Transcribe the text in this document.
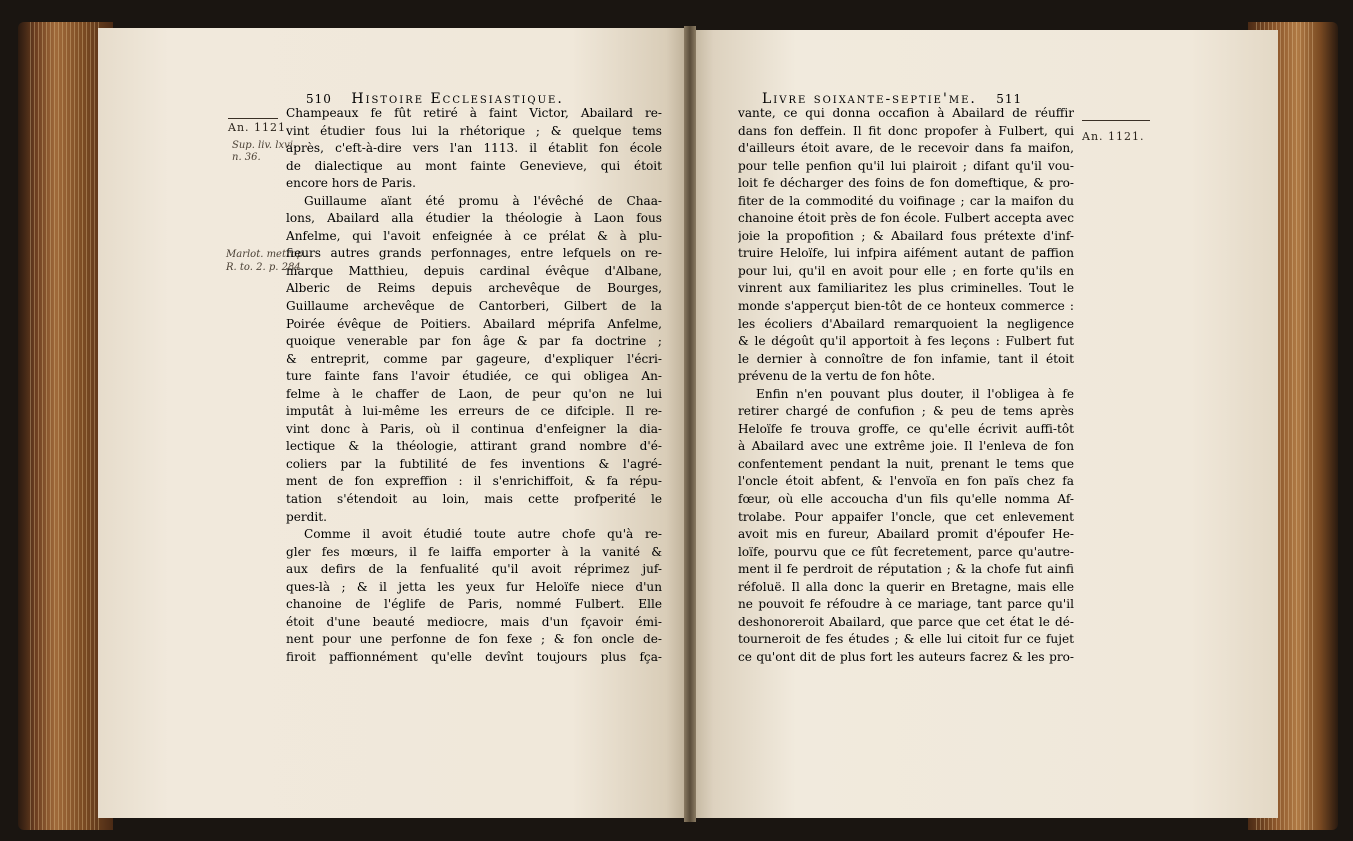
510 Histoire Ecclesiastique.
An. 1121.
Sup. liv. lxvi.
n. 36.
Marlot. metrop.
R. to. 2. p. 284.
Champeaux fe fût retiré à faint Victor, Abailard re-
vint étudier fous lui la rhétorique ; & quelque tems
après, c'eft-à-dire vers l'an 1113. il établit fon école
de dialectique au mont fainte Genevieve, qui étoit
encore hors de Paris.
Guillaume aïant été promu à l'évêché de Chaa-
lons, Abailard alla étudier la théologie à Laon fous
Anfelme, qui l'avoit enfeignée à ce prélat & à plu-
fieurs autres grands perfonnages, entre lefquels on re-
marque Matthieu, depuis cardinal évêque d'Albane,
Alberic de Reims depuis archevêque de Bourges,
Guillaume archevêque de Cantorberi, Gilbert de la
Poirée évêque de Poitiers. Abailard méprifa Anfelme,
quoique venerable par fon âge & par fa doctrine ;
& entreprit, comme par gageure, d'expliquer l'écri-
ture fainte fans l'avoir étudiée, ce qui obligea An-
felme à le chaffer de Laon, de peur qu'on ne lui
imputât à lui-même les erreurs de ce difciple. Il re-
vint donc à Paris, où il continua d'enfeigner la dia-
lectique & la théologie, attirant grand nombre d'é-
coliers par la fubtilité de fes inventions & l'agré-
ment de fon expreffion : il s'enrichiffoit, & fa répu-
tation s'étendoit au loin, mais cette profperité le
perdit.
Comme il avoit étudié toute autre chofe qu'à re-
gler fes mœurs, il fe laiffa emporter à la vanité &
aux defirs de la fenfualité qu'il avoit réprimez juf-
ques-là ; & il jetta les yeux fur Heloïfe niece d'un
chanoine de l'églife de Paris, nommé Fulbert. Elle
étoit d'une beauté mediocre, mais d'un fçavoir émi-
nent pour une perfonne de fon fexe ; & fon oncle de-
firoit paffionnément qu'elle devînt toujours plus fça-
Livre soixante-septie'me. 511
An. 1121.
vante, ce qui donna occafion à Abailard de réuffir
dans fon deffein. Il fit donc propofer à Fulbert, qui
d'ailleurs étoit avare, de le recevoir dans fa maifon,
pour telle penfion qu'il lui plairoit ; difant qu'il vou-
loit fe décharger des foins de fon domeftique, & pro-
fiter de la commodité du voifinage ; car la maifon du
chanoine étoit près de fon école. Fulbert accepta avec
joie la propofition ; & Abailard fous prétexte d'inf-
truire Heloïfe, lui infpira aifément autant de paffion
pour lui, qu'il en avoit pour elle ; en forte qu'ils en
vinrent aux familiaritez les plus criminelles. Tout le
monde s'apperçut bien-tôt de ce honteux commerce :
les écoliers d'Abailard remarquoient la negligence
& le dégoût qu'il apportoit à fes leçons : Fulbert fut
le dernier à connoître de fon infamie, tant il étoit
prévenu de la vertu de fon hôte.
Enfin n'en pouvant plus douter, il l'obligea à fe
retirer chargé de confufion ; & peu de tems après
Heloïfe fe trouva groffe, ce qu'elle écrivit auffi-tôt
à Abailard avec une extrême joie. Il l'enleva de fon
confentement pendant la nuit, prenant le tems que
l'oncle étoit abfent, & l'envoïa en fon païs chez fa
fœur, où elle accoucha d'un fils qu'elle nomma Af-
trolabe. Pour appaifer l'oncle, que cet enlevement
avoit mis en fureur, Abailard promit d'époufer He-
loïfe, pourvu que ce fût fecretement, parce qu'autre-
ment il fe perdroit de réputation ; & la chofe fut ainfi
réfoluë. Il alla donc la querir en Bretagne, mais elle
ne pouvoit fe réfoudre à ce mariage, tant parce qu'il
deshonoreroit Abailard, que parce que cet état le dé-
tourneroit de fes études ; & elle lui citoit fur ce fujet
ce qu'ont dit de plus fort les auteurs facrez & les pro-
